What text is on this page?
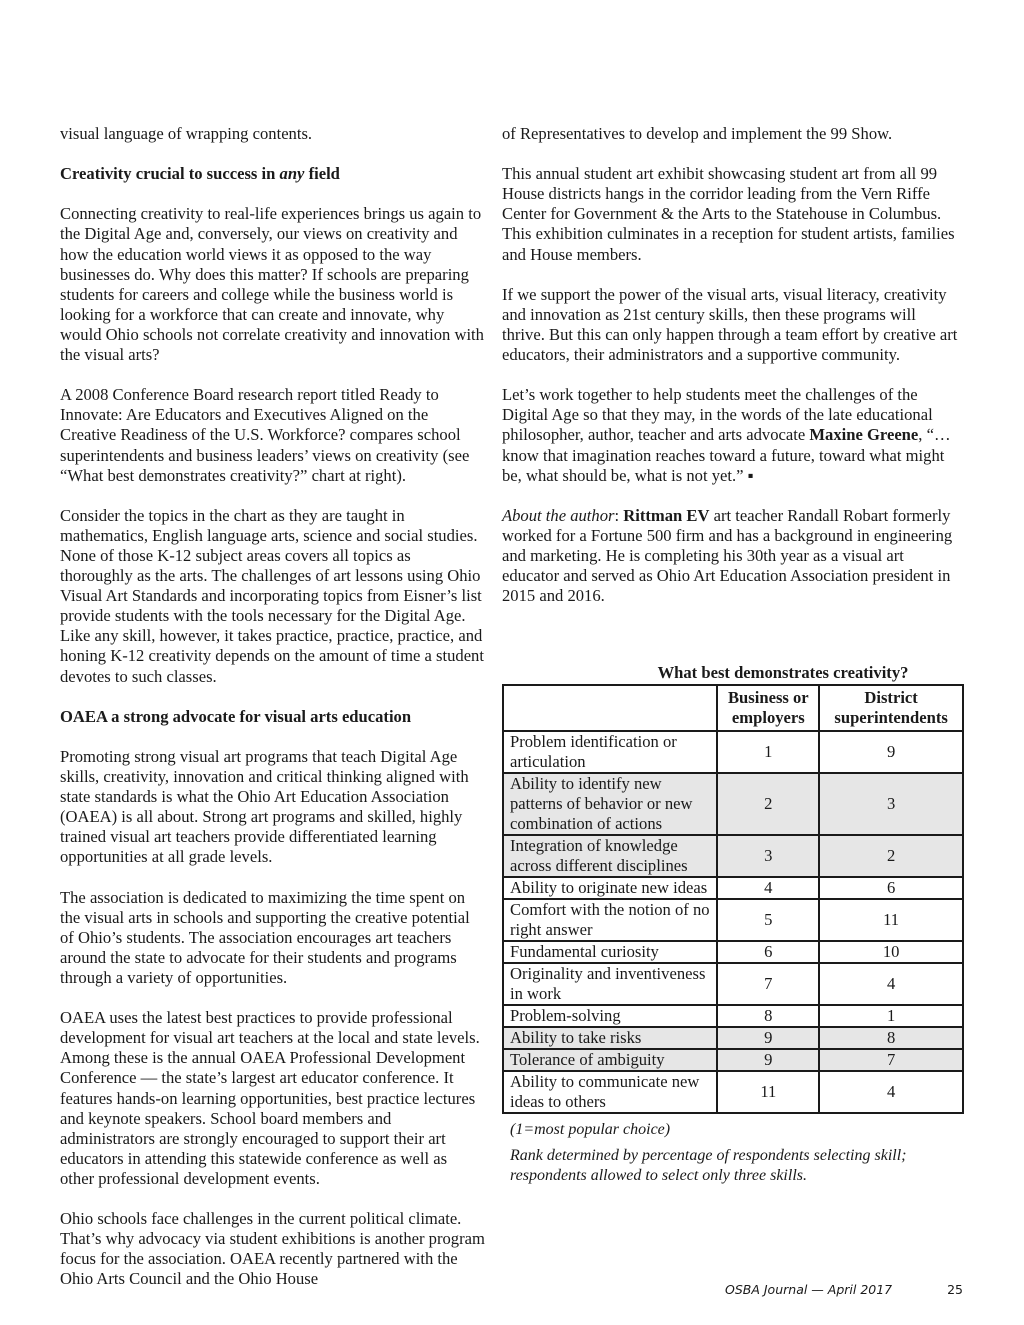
visual language of wrapping contents.

Creativity crucial to success in any field

Connecting creativity to real-life experiences brings us again to the Digital Age and, conversely, our views on creativity and how the education world views it as opposed to the way businesses do. Why does this matter? If schools are preparing students for careers and college while the business world is looking for a workforce that can create and innovate, why would Ohio schools not correlate creativity and innovation with the visual arts?

A 2008 Conference Board research report titled Ready to Innovate: Are Educators and Executives Aligned on the Creative Readiness of the U.S. Workforce? compares school superintendents and business leaders’ views on creativity (see “What best demonstrates creativity?” chart at right).

Consider the topics in the chart as they are taught in mathematics, English language arts, science and social studies. None of those K-12 subject areas covers all topics as thoroughly as the arts. The challenges of art lessons using Ohio Visual Art Standards and incorporating topics from Eisner’s list provide students with the tools necessary for the Digital Age. Like any skill, however, it takes practice, practice, practice, and honing K-12 creativity depends on the amount of time a student devotes to such classes.

OAEA a strong advocate for visual arts education

Promoting strong visual art programs that teach Digital Age skills, creativity, innovation and critical thinking aligned with state standards is what the Ohio Art Education Association (OAEA) is all about. Strong art programs and skilled, highly trained visual art teachers provide differentiated learning opportunities at all grade levels.

The association is dedicated to maximizing the time spent on the visual arts in schools and supporting the creative potential of Ohio’s students. The association encourages art teachers around the state to advocate for their students and programs through a variety of opportunities.

OAEA uses the latest best practices to provide professional development for visual art teachers at the local and state levels. Among these is the annual OAEA Professional Development Conference — the state’s largest art educator conference. It features hands-on learning opportunities, best practice lectures and keynote speakers. School board members and administrators are strongly encouraged to support their art educators in attending this statewide conference as well as other professional development events.

Ohio schools face challenges in the current political climate. That’s why advocacy via student exhibitions is another program focus for the association. OAEA recently partnered with the Ohio Arts Council and the Ohio House

of Representatives to develop and implement the 99 Show.

This annual student art exhibit showcasing student art from all 99 House districts hangs in the corridor leading from the Vern Riffe Center for Government & the Arts to the Statehouse in Columbus. This exhibition culminates in a reception for student artists, families and House members.

If we support the power of the visual arts, visual literacy, creativity and innovation as 21st century skills, then these programs will thrive. But this can only happen through a team effort by creative art educators, their administrators and a supportive community.

Let’s work together to help students meet the challenges of the Digital Age so that they may, in the words of the late educational philosopher, author, teacher and arts advocate Maxine Greene, “… know that imagination reaches toward a future, toward what might be, what should be, what is not yet.” ▪

About the author: Rittman EV art teacher Randall Robart formerly worked for a Fortune 500 firm and has a background in engineering and marketing. He is completing his 30th year as a visual art educator and served as Ohio Art Education Association president in 2015 and 2016.

What best demonstrates creativity?
	Business or employers	District superintendents
Problem identification or articulation	1	9
Ability to identify new patterns of behavior or new combination of actions	2	3
Integration of knowledge across different disciplines	3	2
Ability to originate new ideas	4	6
Comfort with the notion of no right answer	5	11
Fundamental curiosity	6	10
Originality and inventiveness in work	7	4
Problem-solving	8	1
Ability to take risks	9	8
Tolerance of ambiguity	9	7
Ability to communicate new ideas to others	11	4

(1=most popular choice)

Rank determined by percentage of respondents selecting skill; respondents allowed to select only three skills.

OSBA Journal — April 2017	25
